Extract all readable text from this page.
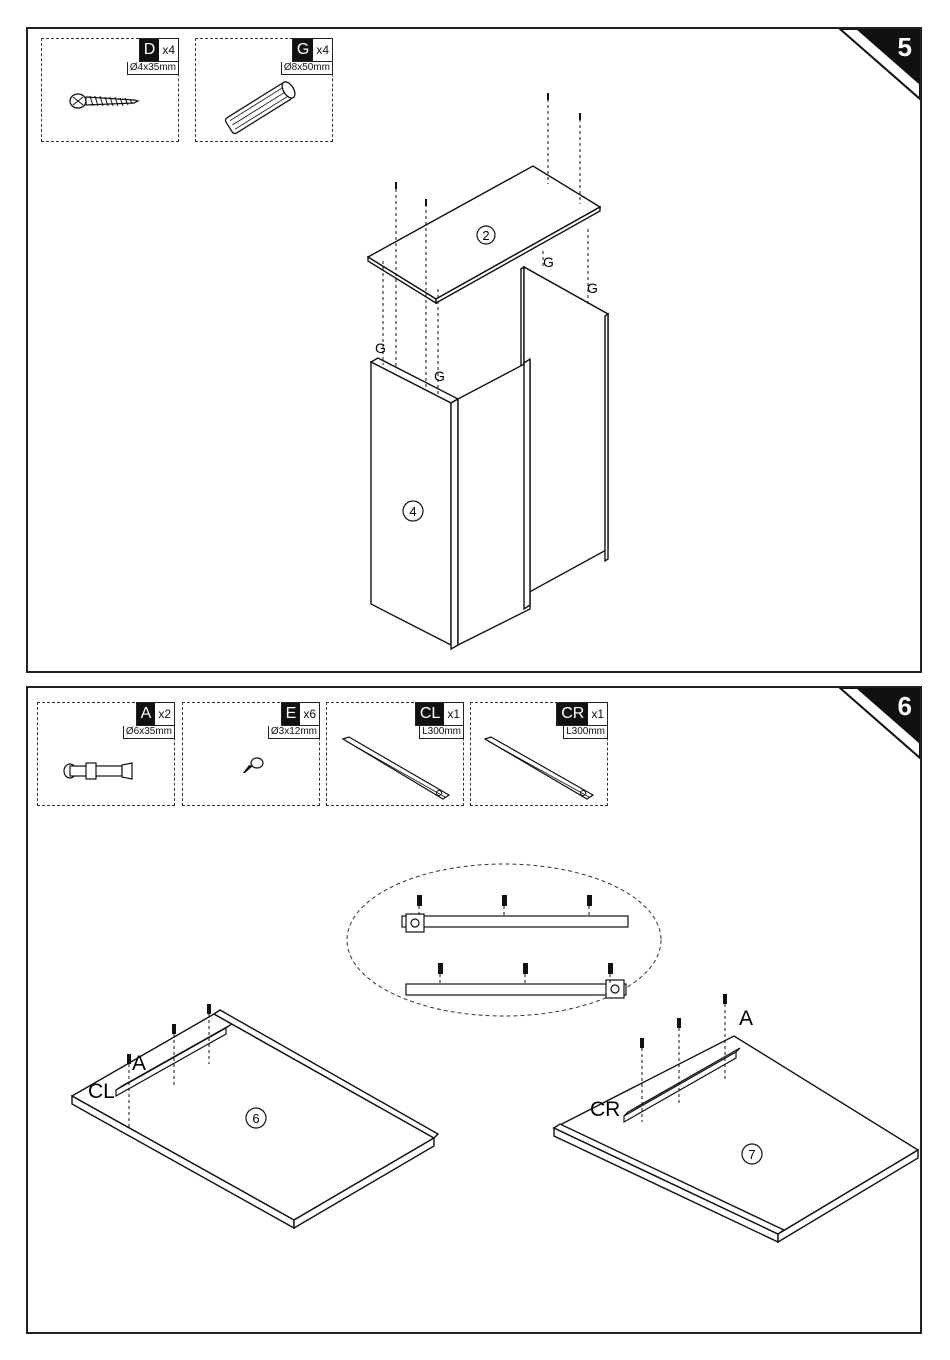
D x4
Ø4x35mm
G x4
Ø8x50mm
5
2
4
G
G
G
G
A x2
Ø6x35mm
E x6
Ø3x12mm
CL x1
L300mm
CR x1
L300mm
6
6
A
CL
7
A
CR
